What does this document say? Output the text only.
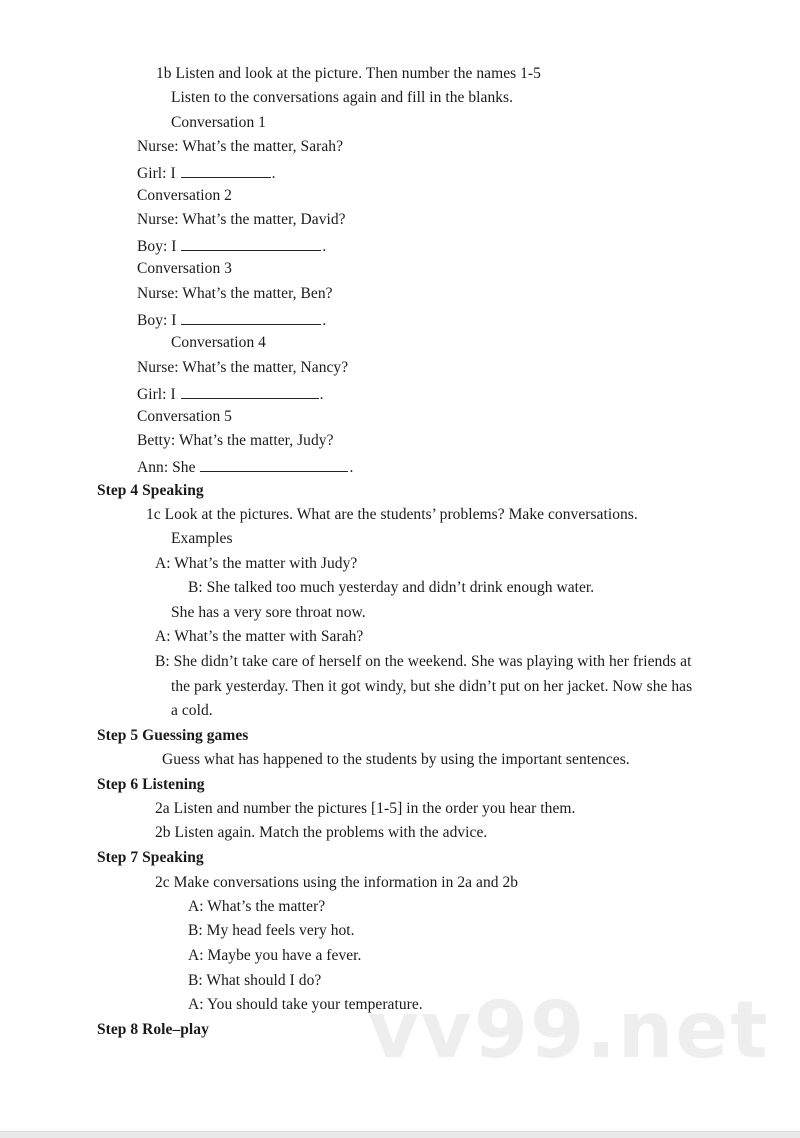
1b Listen and look at the picture. Then number the names 1-5
Listen to the conversations again and fill in the blanks.
Conversation 1
Nurse: What’s the matter, Sarah?
Girl: I	.
Conversation 2
Nurse: What’s the matter, David?
Boy: I	.
Conversation 3
Nurse: What’s the matter, Ben?
Boy: I	.
Conversation 4
Nurse: What’s the matter, Nancy?
Girl: I	.
Conversation 5
Betty: What’s the matter, Judy?
Ann: She	.
Step 4 Speaking
1c Look at the pictures. What are the students’ problems? Make conversations.
Examples
A: What’s the matter with Judy?
B: She talked too much yesterday and didn’t drink enough water.
She has a very sore throat now.
A: What’s the matter with Sarah?
B: She didn’t take care of herself on the weekend. She was playing with her friends at
the park yesterday. Then it got windy, but she didn’t put on her jacket. Now she has
a cold.
Step 5 Guessing games
Guess what has happened to the students by using the important sentences.
Step 6 Listening
2a Listen and number the pictures [1-5] in the order you hear them.
2b Listen again. Match the problems with the advice.
Step 7 Speaking
2c Make conversations using the information in 2a and 2b
A: What’s the matter?
B: My head feels very hot.
A: Maybe you have a fever.
B: What should I do?
A: You should take your temperature.
Step 8 Role–play vv99.net
